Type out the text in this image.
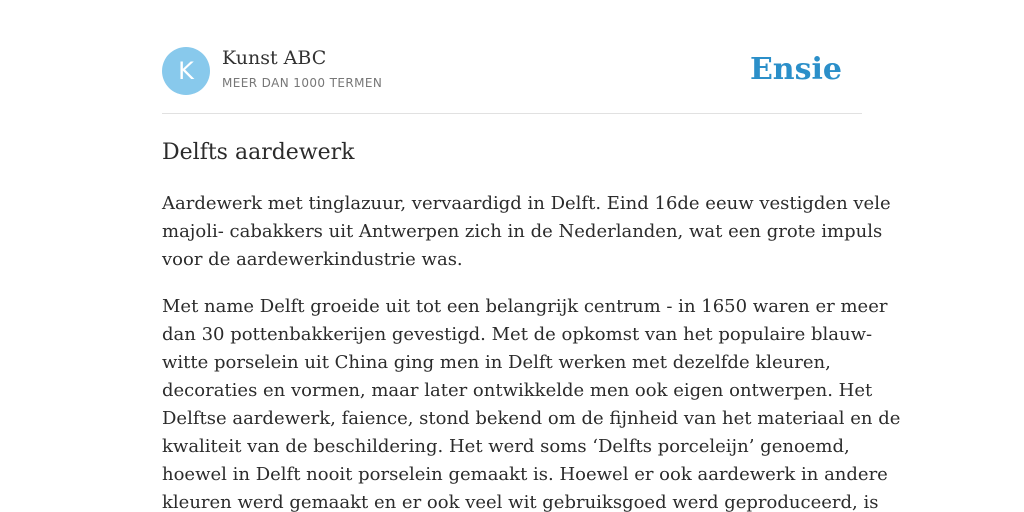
K	Kunst ABC
MEER DAN 1000 TERMEN	Ensie
Delfts aardewerk

Aardewerk met tinglazuur, vervaardigd in Delft. Eind 16de eeuw vestigden vele
majoli- cabakkers uit Antwerpen zich in de Nederlanden, wat een grote impuls
voor de aardewerkindustrie was.

Met name Delft groeide uit tot een belangrijk centrum - in 1650 waren er meer
dan 30 pottenbakkerijen gevestigd. Met de opkomst van het populaire blauw-
witte porselein uit China ging men in Delft werken met dezelfde kleuren,
decoraties en vormen, maar later ontwikkelde men ook eigen ontwerpen. Het
Delftse aardewerk, faience, stond bekend om de fijnheid van het materiaal en de
kwaliteit van de beschildering. Het werd soms ‘Delfts porceleijn’ genoemd,
hoewel in Delft nooit porselein gemaakt is. Hoewel er ook aardewerk in andere
kleuren werd gemaakt en er ook veel wit gebruiksgoed werd geproduceerd, is
